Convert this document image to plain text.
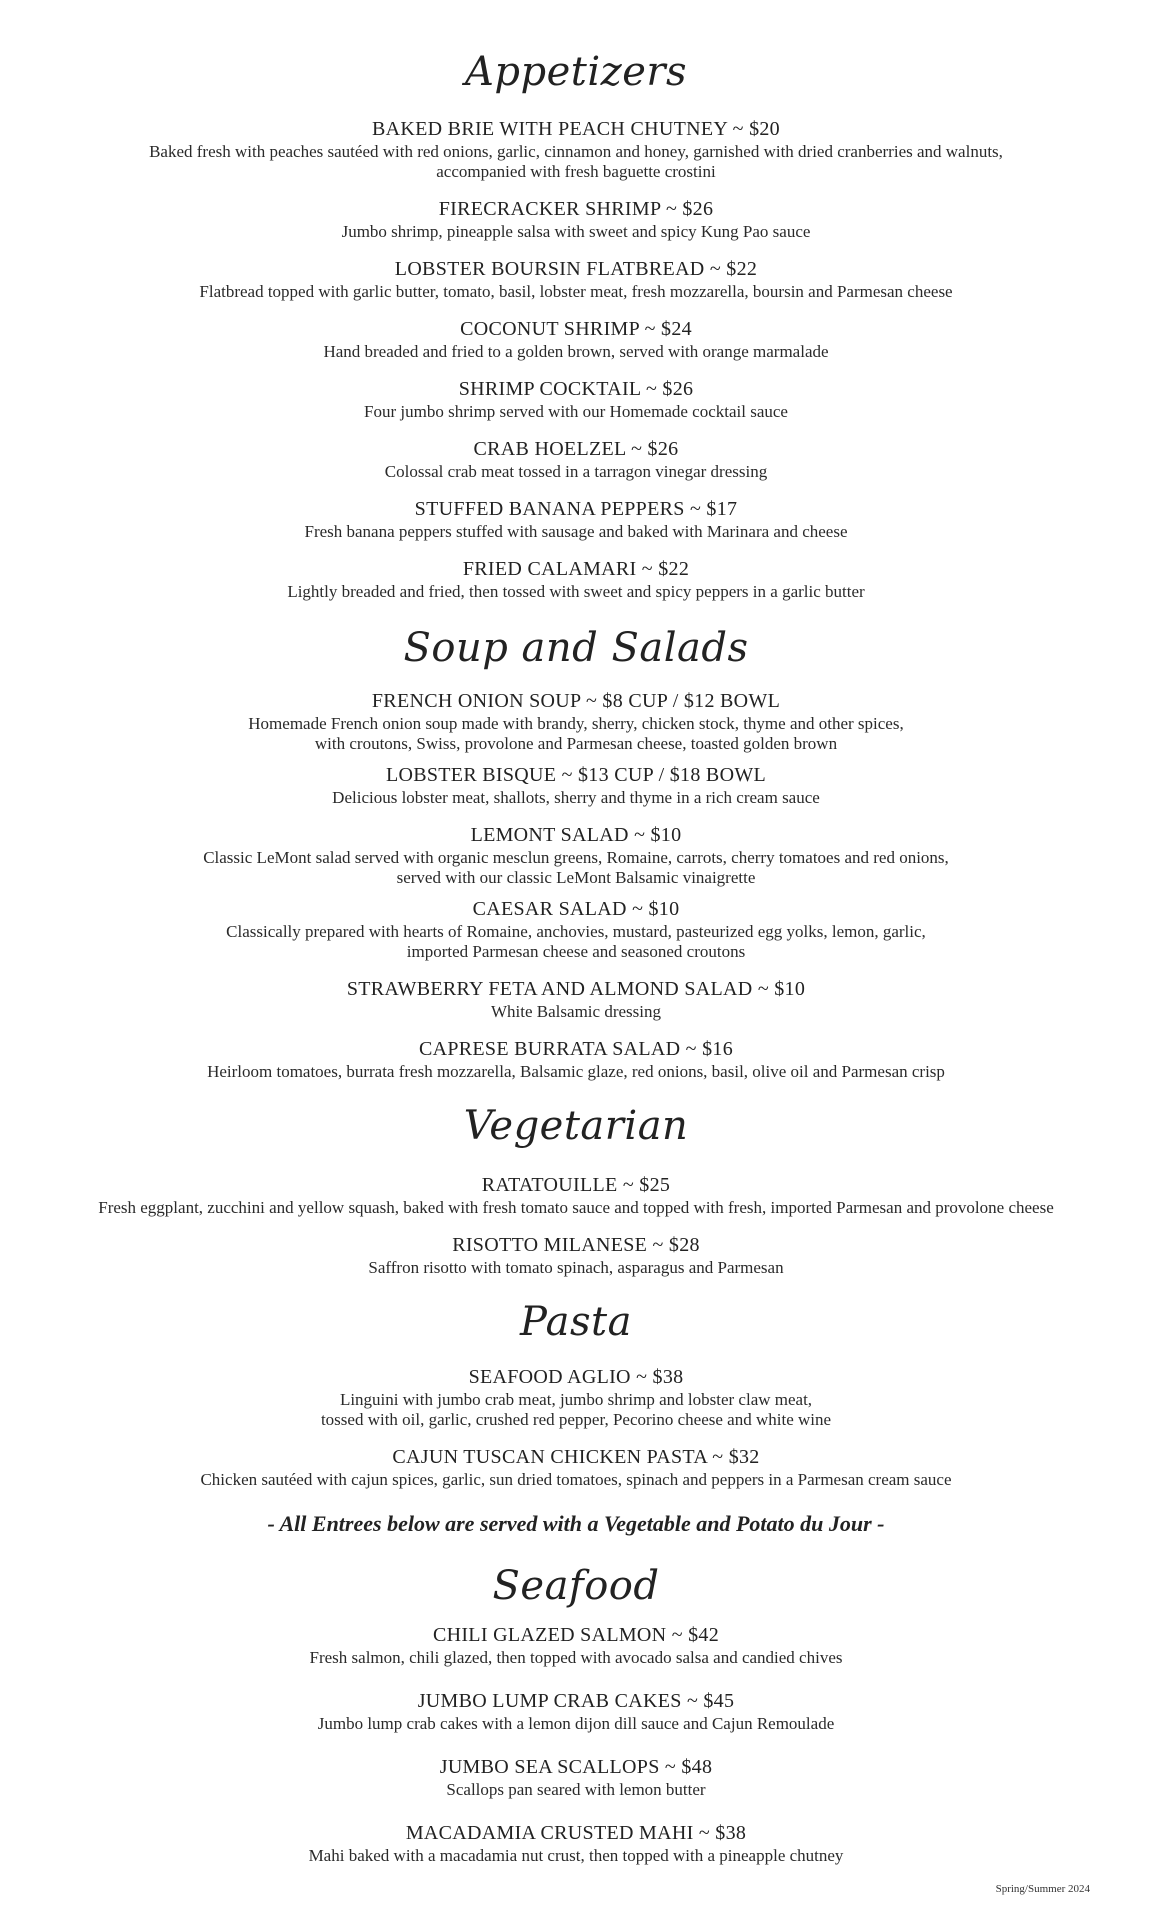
- All Entrees below are served with a Vegetable and Potato du Jour -
Spring/Summer 2024
Appetizers
BAKED BRIE WITH PEACH CHUTNEY ~ $20
Baked fresh with peaches sautéed with red onions, garlic, cinnamon and honey, garnished with dried cranberries and walnuts,
accompanied with fresh baguette crostini
FIRECRACKER SHRIMP ~ $26
Jumbo shrimp, pineapple salsa with sweet and spicy Kung Pao sauce
LOBSTER BOURSIN FLATBREAD ~ $22
Flatbread topped with garlic butter, tomato, basil, lobster meat, fresh mozzarella, boursin and Parmesan cheese
COCONUT SHRIMP ~ $24
Hand breaded and fried to a golden brown, served with orange marmalade
SHRIMP COCKTAIL ~ $26
Four jumbo shrimp served with our Homemade cocktail sauce
CRAB HOELZEL ~ $26
Colossal crab meat tossed in a tarragon vinegar dressing
STUFFED BANANA PEPPERS ~ $17
Fresh banana peppers stuffed with sausage and baked with Marinara and cheese
FRIED CALAMARI ~ $22
Lightly breaded and fried, then tossed with sweet and spicy peppers in a garlic butter
Soup and Salads
FRENCH ONION SOUP ~ $8 CUP / $12 BOWL
Homemade French onion soup made with brandy, sherry, chicken stock, thyme and other spices,
with croutons, Swiss, provolone and Parmesan cheese, toasted golden brown
LOBSTER BISQUE ~ $13 CUP / $18 BOWL
Delicious lobster meat, shallots, sherry and thyme in a rich cream sauce
LEMONT SALAD ~ $10
Classic LeMont salad served with organic mesclun greens, Romaine, carrots, cherry tomatoes and red onions,
served with our classic LeMont Balsamic vinaigrette
CAESAR SALAD ~ $10
Classically prepared with hearts of Romaine, anchovies, mustard, pasteurized egg yolks, lemon, garlic,
imported Parmesan cheese and seasoned croutons
STRAWBERRY FETA AND ALMOND SALAD ~ $10
White Balsamic dressing
CAPRESE BURRATA SALAD ~ $16
Heirloom tomatoes, burrata fresh mozzarella, Balsamic glaze, red onions, basil, olive oil and Parmesan crisp
Vegetarian
RATATOUILLE ~ $25
Fresh eggplant, zucchini and yellow squash, baked with fresh tomato sauce and topped with fresh, imported Parmesan and provolone cheese
RISOTTO MILANESE ~ $28
Saffron risotto with tomato spinach, asparagus and Parmesan
Pasta
SEAFOOD AGLIO ~ $38
Linguini with jumbo crab meat, jumbo shrimp and lobster claw meat,
tossed with oil, garlic, crushed red pepper, Pecorino cheese and white wine
CAJUN TUSCAN CHICKEN PASTA ~ $32
Chicken sautéed with cajun spices, garlic, sun dried tomatoes, spinach and peppers in a Parmesan cream sauce
Seafood
CHILI GLAZED SALMON ~ $42
Fresh salmon, chili glazed, then topped with avocado salsa and candied chives
JUMBO LUMP CRAB CAKES ~ $45
Jumbo lump crab cakes with a lemon dijon dill sauce and Cajun Remoulade
JUMBO SEA SCALLOPS ~ $48
Scallops pan seared with lemon butter
MACADAMIA CRUSTED MAHI ~ $38
Mahi baked with a macadamia nut crust, then topped with a pineapple chutney
